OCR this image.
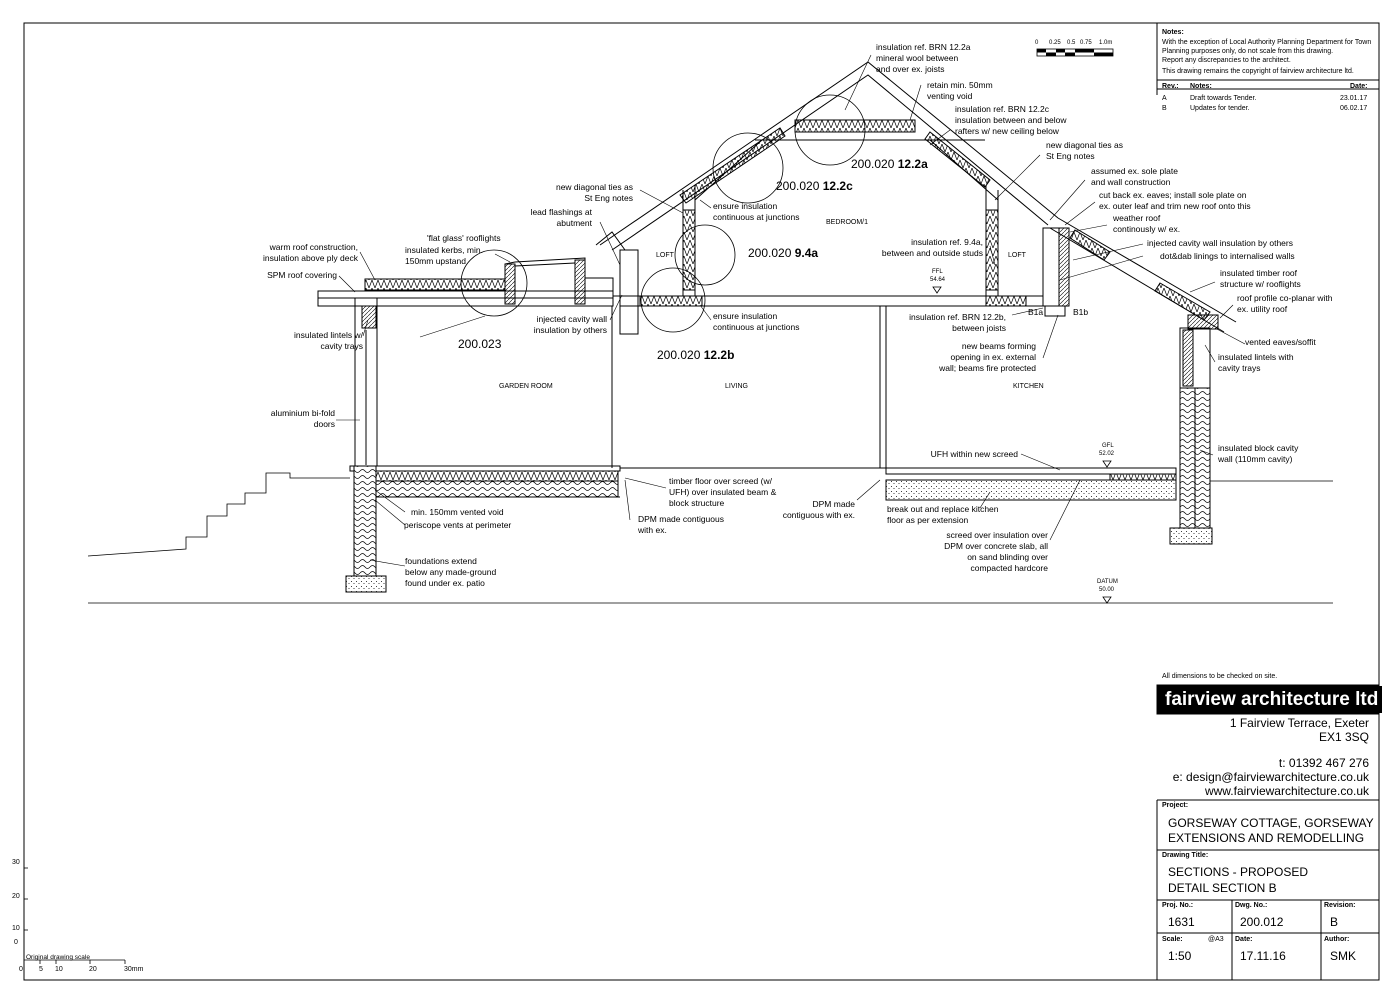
Notes:
With the exception of Local Authority Planning Department for Town
Planning purposes only, do not scale from this drawing.
Report any discrepancies to the architect.
This drawing remains the copyright of fairview architecture ltd.
Rev.: Notes:	Date:
A	Draft towards Tender.	23.01.17
B	Updates for tender.	06.02.17
0 0.25 0.5 0.75 1.0m
All dimensions to be checked on site.
fairview architecture ltd
1 Fairview Terrace, Exeter
EX1 3SQ
t: 01392 467 276
e: design@fairviewarchitecture.co.uk
www.fairviewarchitecture.co.uk
Project:
GORSEWAY COTTAGE, GORSEWAY
EXTENSIONS AND REMODELLING
Drawing Title:
SECTIONS - PROPOSED
DETAIL SECTION B
Proj. No.:
1631
Dwg. No.:
200.012
Revision:
B
Scale:	@A3
1:50
Date:
17.11.16
Author:
SMK
30
20
10
0
Original drawing scale
0 5 10	20	30mm
GARDEN ROOM	LIVING
BEDROOM/1
KITCHEN
LOFT	LOFT
FFL
54.64
GFL
52.02
DATUM
50.00
B1a	B1b
200.023
200.020 12.2a
200.020 12.2c
200.020 9.4a
200.020 12.2b
insulation ref. BRN 12.2a
mineral wool between
and over ex. joists
retain min. 50mm
venting void
insulation ref. BRN 12.2c
insulation between and below
rafters w/ new ceiling below
new diagonal ties as
St Eng notes
assumed ex. sole plate
and wall construction
cut back ex. eaves; install sole plate on
ex. outer leaf and trim new roof onto this
weather roof
continously w/ ex.
injected cavity wall insulation by others
dot&dab linings to internalised walls
insulated timber roof
structure w/ rooflights
roof profile co-planar with
ex. utility roof
vented eaves/soffit
insulated lintels with
cavity trays
insulated block cavity
wall (110mm cavity)
new diagonal ties as
St Eng notes
lead flashings at
abutment
ensure insulation
continuous at junctions
insulation ref. 9.4a,
between and outside studs
warm roof construction,
insulation above ply deck
'flat glass' rooflights
insulated kerbs, min.
150mm upstand
SPM roof covering
insulated lintels w/
cavity trays
injected cavity wall
insulation by others
ensure insulation
continuous at junctions
insulation ref. BRN 12.2b,
between joists
new beams forming
opening in ex. external
wall; beams fire protected
aluminium bi-fold
doors
UFH within new screed
timber floor over screed (w/
UFH) over insulated beam &
block structure
DPM made contiguous
with ex.
DPM made
contiguous with ex.
break out and replace kitchen
floor as per extension
screed over insulation over
DPM over concrete slab, all
on sand blinding over
compacted hardcore
min. 150mm vented void
periscope vents at perimeter
foundations extend
below any made-ground
found under ex. patio
